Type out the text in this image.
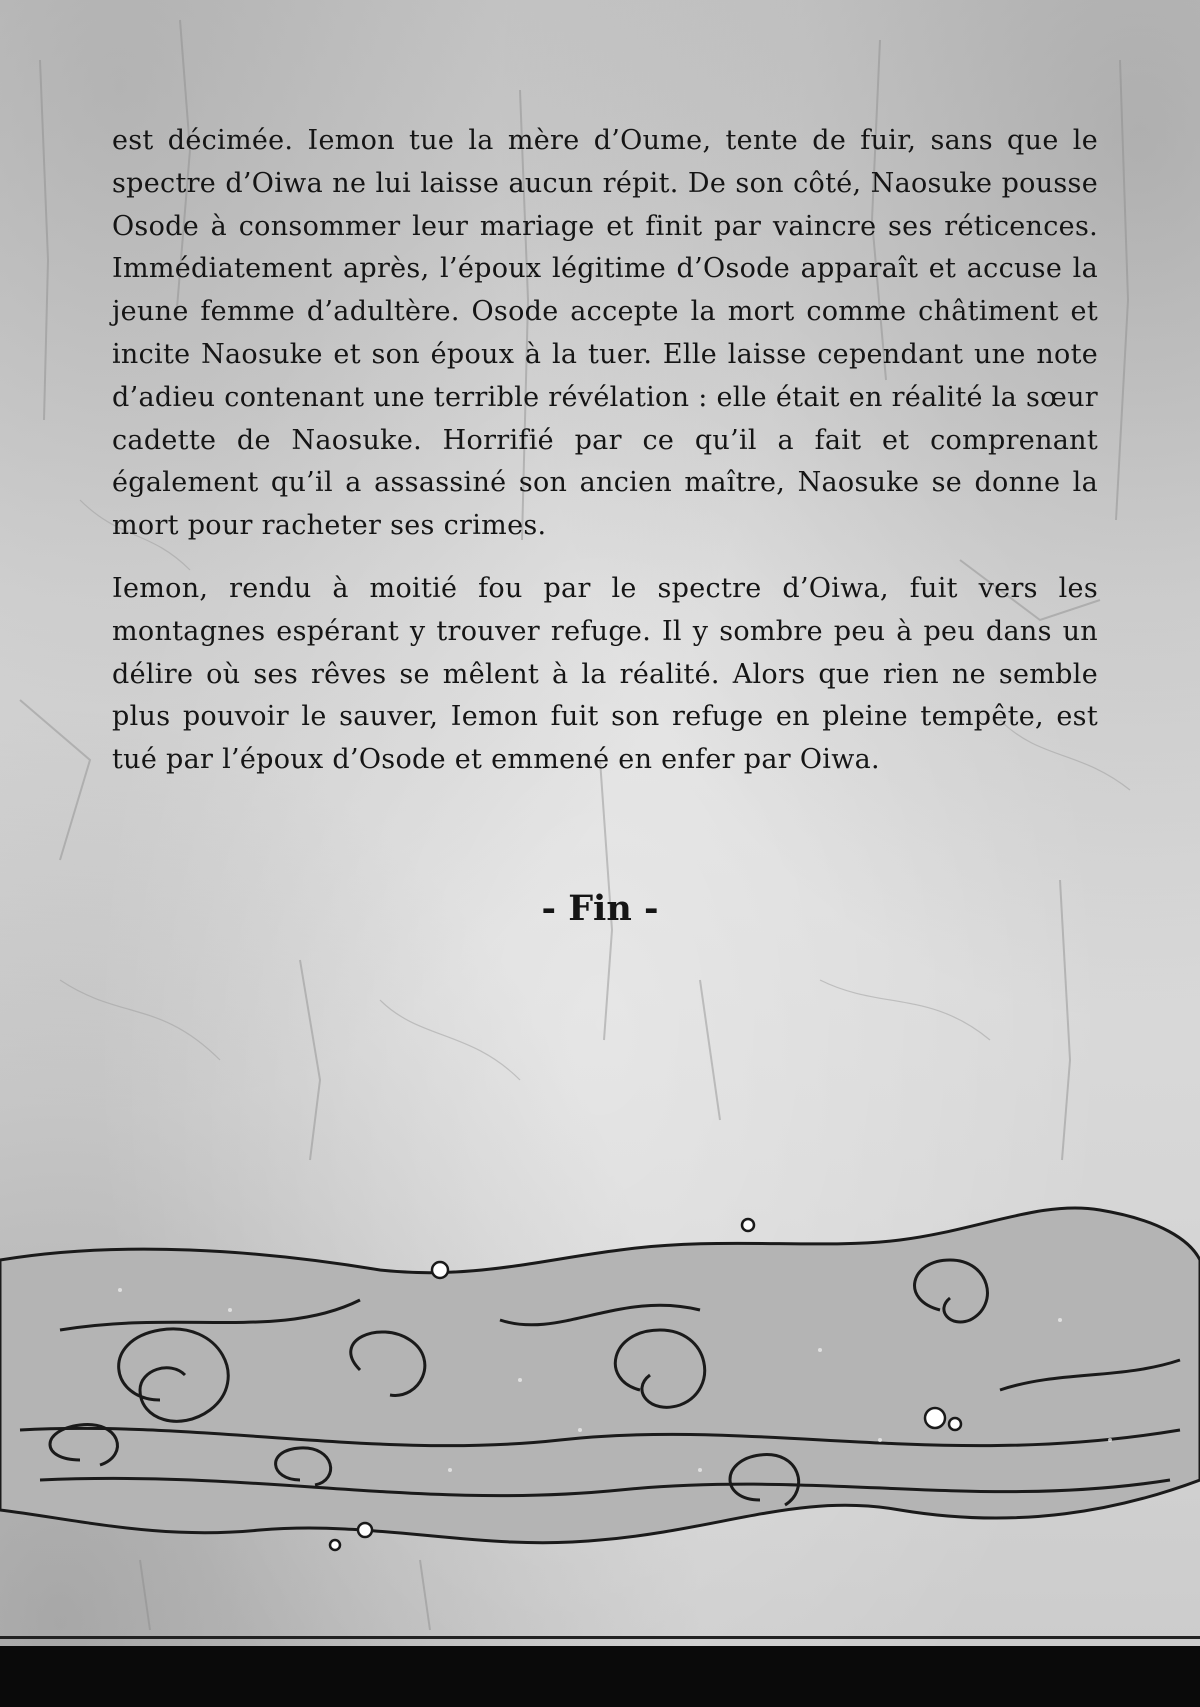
est décimée. Iemon tue la mère d’Oume, tente de fuir, sans que le spectre d’Oiwa ne lui laisse aucun répit. De son côté, Naosuke pousse Osode à consommer leur mariage et finit par vaincre ses réticences. Immédiatement après, l’époux légitime d’Osode apparaît et accuse la jeune femme d’adultère. Osode accepte la mort comme châtiment et incite Naosuke et son époux à la tuer. Elle laisse cependant une note d’adieu contenant une terrible révélation : elle était en réalité la sœur cadette de Naosuke. Horrifié par ce qu’il a fait et comprenant également qu’il a assassiné son ancien maître, Naosuke se donne la mort pour racheter ses crimes.

Iemon, rendu à moitié fou par le spectre d’Oiwa, fuit vers les montagnes espérant y trouver refuge. Il y sombre peu à peu dans un délire où ses rêves se mêlent à la réalité. Alors que rien ne semble plus pouvoir le sauver, Iemon fuit son refuge en pleine tempête, est tué par l’époux d’Osode et emmené en enfer par Oiwa.

- Fin -
